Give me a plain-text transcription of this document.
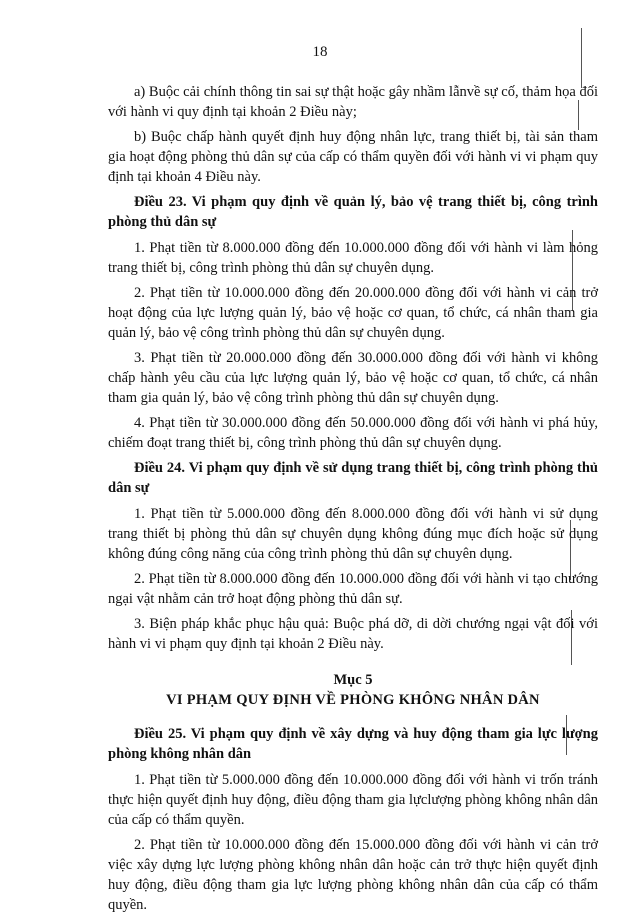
18

a) Buộc cải chính thông tin sai sự thật hoặc gây nhầm lẫnvề sự cố, thảm họa đối với hành vi quy định tại khoản 2 Điều này;

b) Buộc chấp hành quyết định huy động nhân lực, trang thiết bị, tài sản tham gia hoạt động phòng thủ dân sự của cấp có thẩm quyền đối với hành vi vi phạm quy định tại khoản 4 Điều này.

Điều 23. Vi phạm quy định về quản lý, bảo vệ trang thiết bị, công trình phòng thủ dân sự

1. Phạt tiền từ 8.000.000 đồng đến 10.000.000 đồng đối với hành vi làm hỏng trang thiết bị, công trình phòng thủ dân sự chuyên dụng.

2. Phạt tiền từ 10.000.000 đồng đến 20.000.000 đồng đối với hành vi cản trở hoạt động của lực lượng quản lý, bảo vệ hoặc cơ quan, tổ chức, cá nhân tham gia quản lý, bảo vệ công trình phòng thủ dân sự chuyên dụng.

3. Phạt tiền từ 20.000.000 đồng đến 30.000.000 đồng đối với hành vi không chấp hành yêu cầu của lực lượng quản lý, bảo vệ hoặc cơ quan, tổ chức, cá nhân tham gia quản lý, bảo vệ công trình phòng thủ dân sự chuyên dụng.

4. Phạt tiền từ 30.000.000 đồng đến 50.000.000 đồng đối với hành vi phá hủy, chiếm đoạt trang thiết bị, công trình phòng thủ dân sự chuyên dụng.

Điều 24. Vi phạm quy định về sử dụng trang thiết bị, công trình phòng thủ dân sự

1. Phạt tiền từ 5.000.000 đồng đến 8.000.000 đồng đối với hành vi sử dụng trang thiết bị phòng thủ dân sự chuyên dụng không đúng mục đích hoặc sử dụng không đúng công năng của công trình phòng thủ dân sự chuyên dụng.

2. Phạt tiền từ 8.000.000 đồng đến 10.000.000 đồng đối với hành vi tạo chướng ngại vật nhằm cản trở hoạt động phòng thủ dân sự.

3. Biện pháp khắc phục hậu quả: Buộc phá dỡ, di dời chướng ngại vật đối với hành vi vi phạm quy định tại khoản 2 Điều này.

Mục 5
VI PHẠM QUY ĐỊNH VỀ PHÒNG KHÔNG NHÂN DÂN

Điều 25. Vi phạm quy định về xây dựng và huy động tham gia lực lượng phòng không nhân dân

1. Phạt tiền từ 5.000.000 đồng đến 10.000.000 đồng đối với hành vi trốn tránh thực hiện quyết định huy động, điều động tham gia lựclượng phòng không nhân dân của cấp có thẩm quyền.

2. Phạt tiền từ 10.000.000 đồng đến 15.000.000 đồng đối với hành vi cản trở việc xây dựng lực lượng phòng không nhân dân hoặc cản trở thực hiện quyết định huy động, điều động tham gia lực lượng phòng không nhân dân của cấp có thẩm quyền.
